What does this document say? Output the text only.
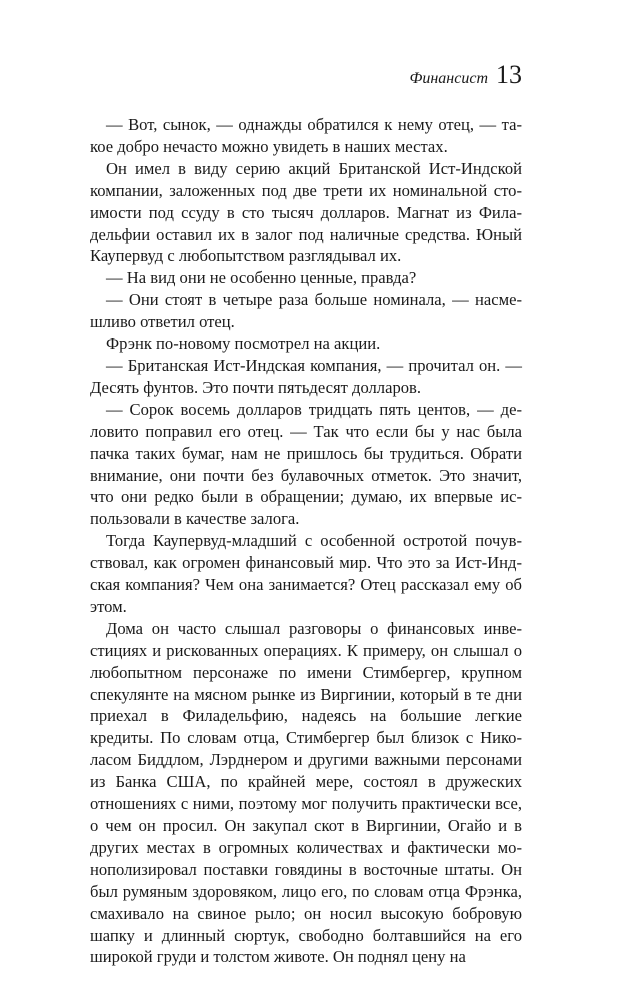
Финансист 13

— Вот, сынок, — однажды обратился к нему отец, — такое добро нечасто можно увидеть в наших местах.

Он имел в виду серию акций Британской Ист-Индской компании, заложенных под две трети их номинальной стоимости под ссуду в сто тысяч долларов. Магнат из Филадельфии оставил их в залог под наличные средства. Юный Каупервуд с любопытством разглядывал их.

— На вид они не особенно ценные, правда?

— Они стоят в четыре раза больше номинала, — насмешливо ответил отец.

Фрэнк по-новому посмотрел на акции.

— Британская Ист-Индская компания, — прочитал он. — Десять фунтов. Это почти пятьдесят долларов.

— Сорок восемь долларов тридцать пять центов, — деловито поправил его отец. — Так что если бы у нас была пачка таких бумаг, нам не пришлось бы трудиться. Обрати внимание, они почти без булавочных отметок. Это значит, что они редко были в обращении; думаю, их впервые использовали в качестве залога.

Тогда Каупервуд-младший с особенной остротой почувствовал, как огромен финансовый мир. Что это за Ист-Индская компания? Чем она занимается? Отец рассказал ему об этом.

Дома он часто слышал разговоры о финансовых инвестициях и рискованных операциях. К примеру, он слышал о любопытном персонаже по имени Стимбергер, крупном спекулянте на мясном рынке из Виргинии, который в те дни приехал в Филадельфию, надеясь на большие легкие кредиты. По словам отца, Стимбергер был близок с Николасом Биддлом, Лэрднером и другими важными персонами из Банка США, по крайней мере, состоял в дружеских отношениях с ними, поэтому мог получить практически все, о чем он просил. Он закупал скот в Виргинии, Огайо и в других местах в огромных количествах и фактически монополизировал поставки говядины в восточные штаты. Он был румяным здоровяком, лицо его, по словам отца Фрэнка, смахивало на свиное рыло; он носил высокую бобровую шапку и длинный сюртук, свободно болтавшийся на его широкой груди и толстом животе. Он поднял цену на
